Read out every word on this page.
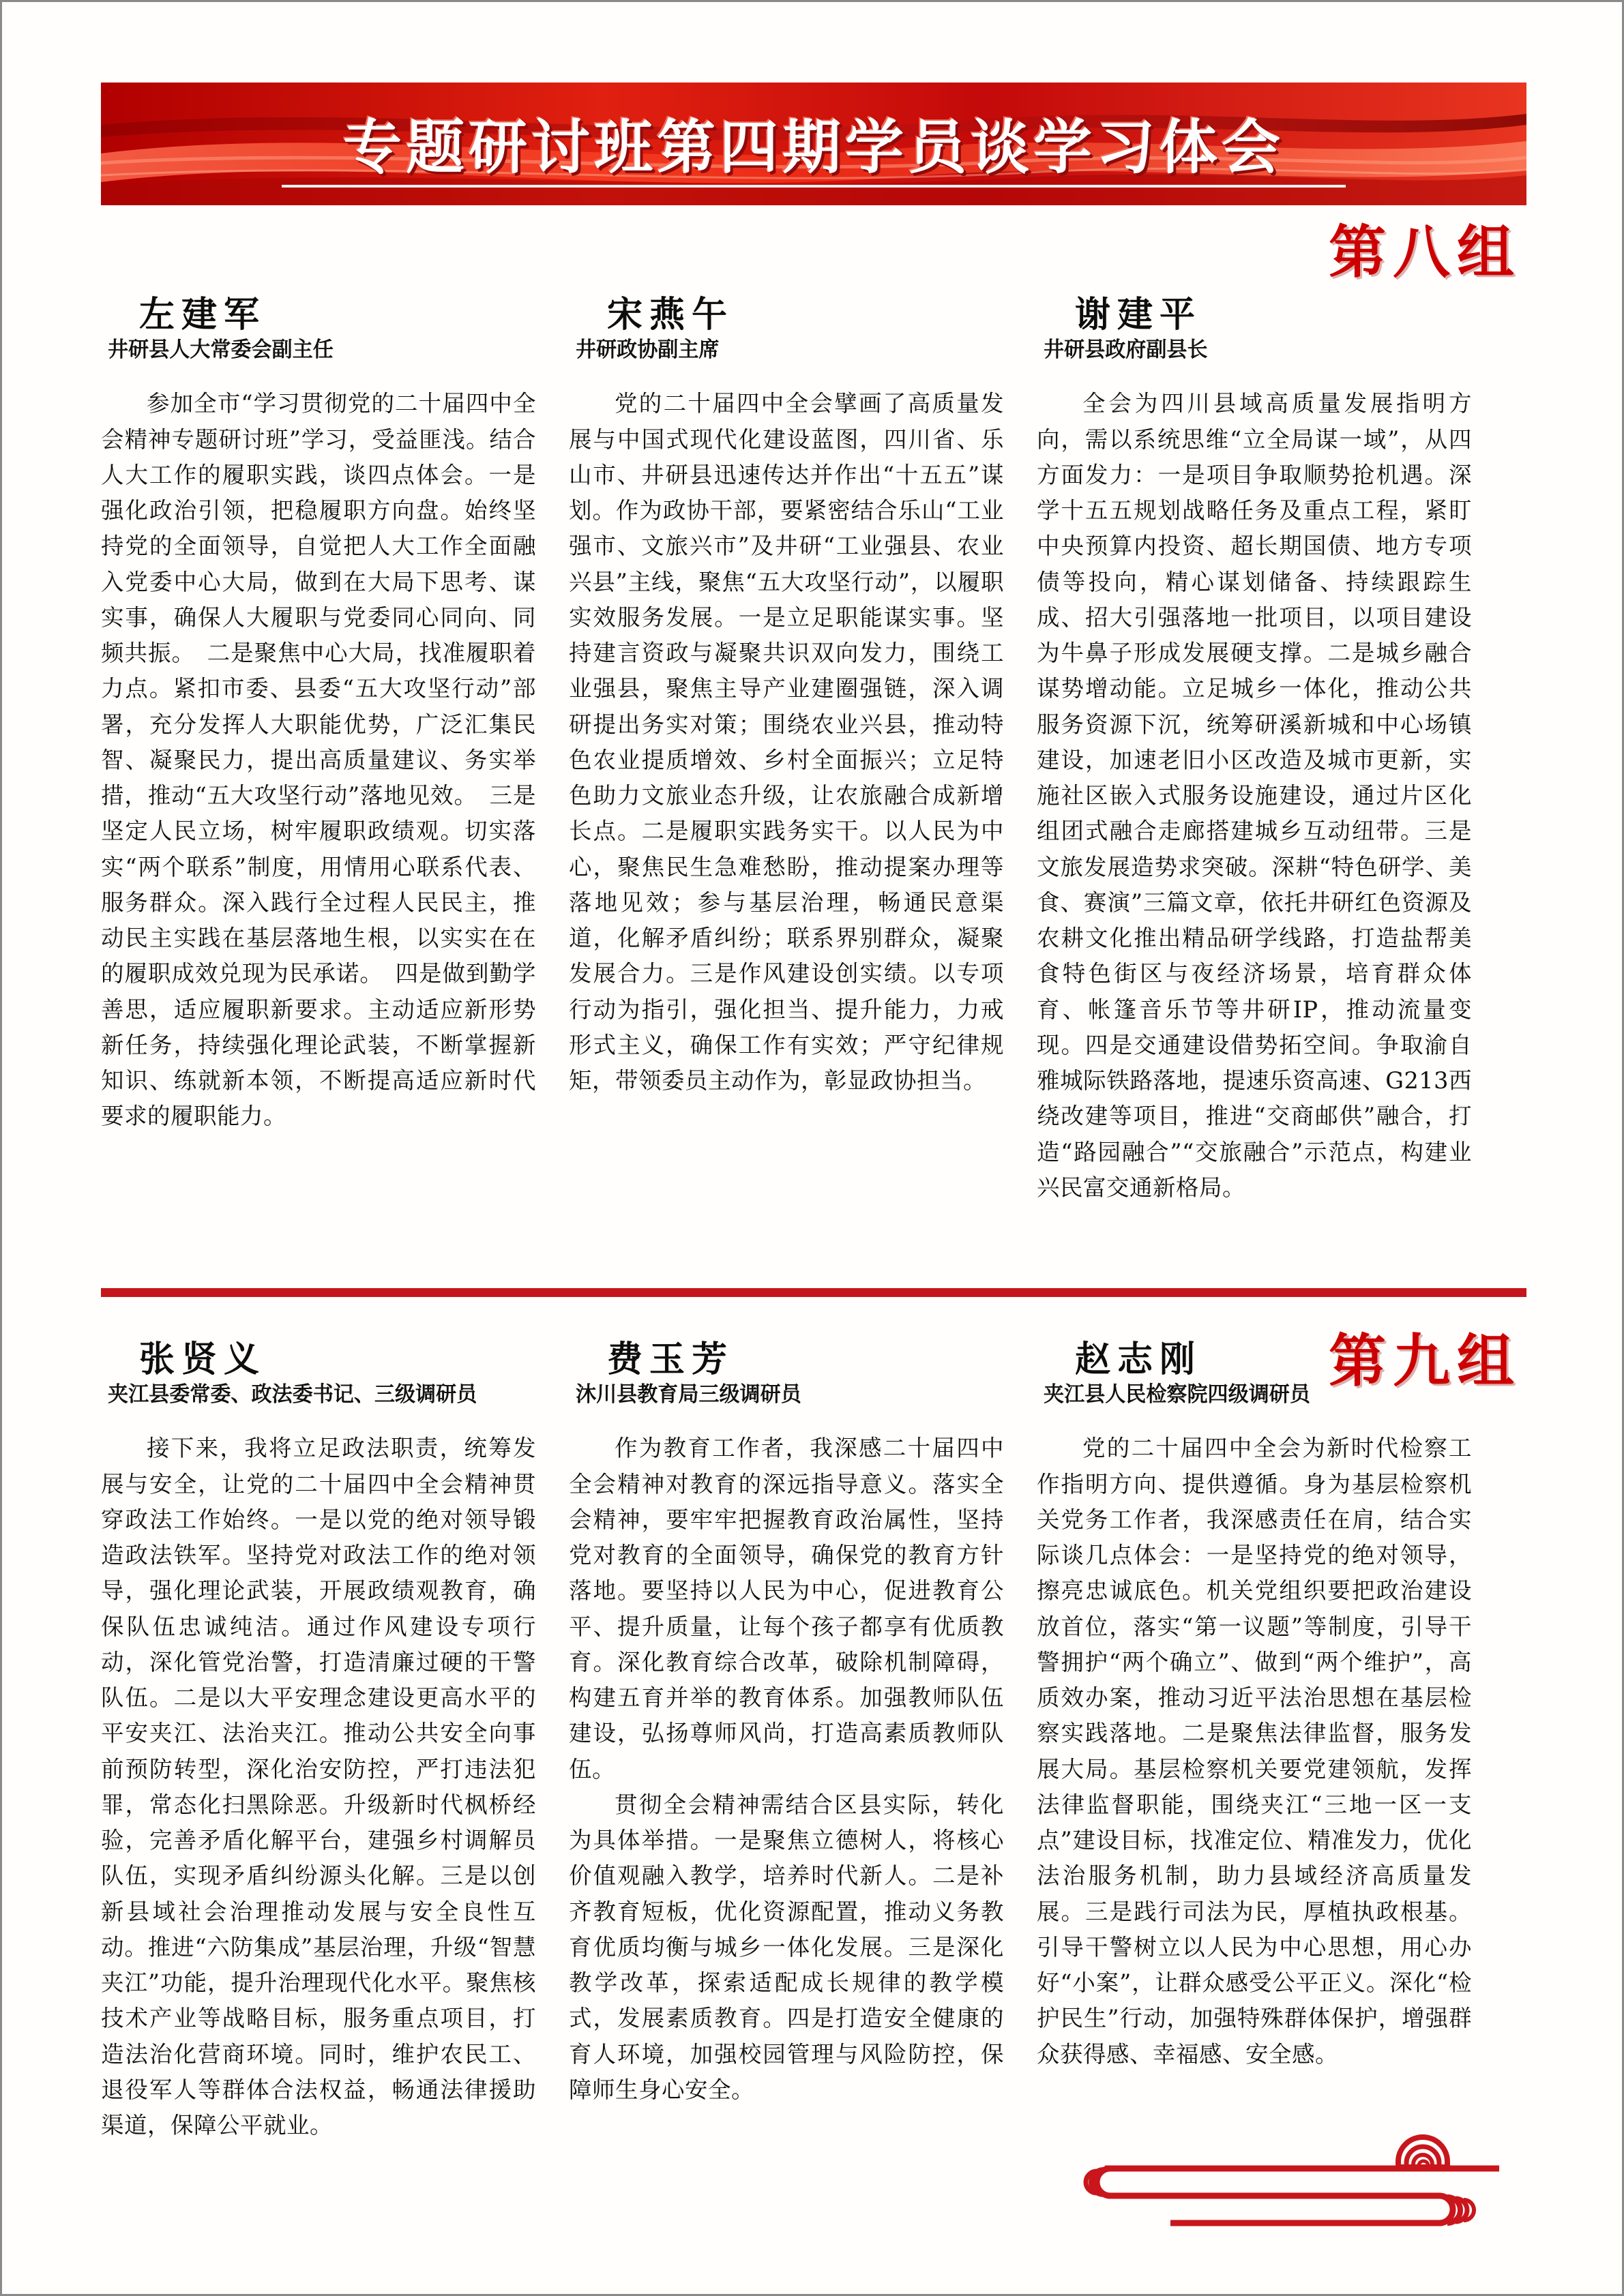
专题研讨班第四期学员谈学习体会
第八组
左建军
井研县人大常委会副主任
参加全市“学习贯彻党的二十届四中全会精神专题研讨班”学习，受益匪浅。结合人大工作的履职实践，谈四点体会。一是强化政治引领，把稳履职方向盘。始终坚持党的全面领导，自觉把人大工作全面融入党委中心大局，做到在大局下思考、谋实事，确保人大履职与党委同心同向、同频共振。　二是聚焦中心大局，找准履职着力点。紧扣市委、县委“五大攻坚行动”部署，充分发挥人大职能优势，广泛汇集民智、凝聚民力，提出高质量建议、务实举措，推动“五大攻坚行动”落地见效。　三是坚定人民立场，树牢履职政绩观。切实落实“两个联系”制度，用情用心联系代表、服务群众。深入践行全过程人民民主，推动民主实践在基层落地生根，以实实在在的履职成效兑现为民承诺。　四是做到勤学善思，适应履职新要求。主动适应新形势新任务，持续强化理论武装，不断掌握新知识、练就新本领，不断提高适应新时代要求的履职能力。
宋燕午
井研政协副主席
党的二十届四中全会擘画了高质量发展与中国式现代化建设蓝图，四川省、乐山市、井研县迅速传达并作出“十五五”谋划。作为政协干部，要紧密结合乐山“工业强市、文旅兴市”及井研“工业强县、农业兴县”主线，聚焦“五大攻坚行动”，以履职实效服务发展。一是立足职能谋实事。坚持建言资政与凝聚共识双向发力，围绕工业强县，聚焦主导产业建圈强链，深入调研提出务实对策；围绕农业兴县，推动特色农业提质增效、乡村全面振兴；立足特色助力文旅业态升级，让农旅融合成新增长点。二是履职实践务实干。以人民为中心，聚焦民生急难愁盼，推动提案办理等落地见效；参与基层治理，畅通民意渠道，化解矛盾纠纷；联系界别群众，凝聚发展合力。三是作风建设创实绩。以专项行动为指引，强化担当、提升能力，力戒形式主义，确保工作有实效；严守纪律规矩，带领委员主动作为，彰显政协担当。
谢建平
井研县政府副县长
全会为四川县域高质量发展指明方向，需以系统思维“立全局谋一域”，从四方面发力：一是项目争取顺势抢机遇。深学十五五规划战略任务及重点工程，紧盯中央预算内投资、超长期国债、地方专项债等投向，精心谋划储备、持续跟踪生成、招大引强落地一批项目，以项目建设为牛鼻子形成发展硬支撑。二是城乡融合谋势增动能。立足城乡一体化，推动公共服务资源下沉，统筹研溪新城和中心场镇建设，加速老旧小区改造及城市更新，实施社区嵌入式服务设施建设，通过片区化组团式融合走廊搭建城乡互动纽带。三是文旅发展造势求突破。深耕“特色研学、美食、赛演”三篇文章，依托井研红色资源及农耕文化推出精品研学线路，打造盐帮美食特色街区与夜经济场景，培育群众体育、帐篷音乐节等井研IP，推动流量变现。四是交通建设借势拓空间。争取渝自雅城际铁路落地，提速乐资高速、G213西绕改建等项目，推进“交商邮供”融合，打造“路园融合”“交旅融合”示范点，构建业兴民富交通新格局。
第九组
张贤义
夹江县委常委、政法委书记、三级调研员
接下来，我将立足政法职责，统筹发展与安全，让党的二十届四中全会精神贯穿政法工作始终。一是以党的绝对领导锻造政法铁军。坚持党对政法工作的绝对领导，强化理论武装，开展政绩观教育，确保队伍忠诚纯洁。通过作风建设专项行动，深化管党治警，打造清廉过硬的干警队伍。二是以大平安理念建设更高水平的平安夹江、法治夹江。推动公共安全向事前预防转型，深化治安防控，严打违法犯罪，常态化扫黑除恶。升级新时代枫桥经验，完善矛盾化解平台，建强乡村调解员队伍，实现矛盾纠纷源头化解。三是以创新县域社会治理推动发展与安全良性互动。推进“六防集成”基层治理，升级“智慧夹江”功能，提升治理现代化水平。聚焦核技术产业等战略目标，服务重点项目，打造法治化营商环境。同时，维护农民工、退役军人等群体合法权益，畅通法律援助渠道，保障公平就业。
费玉芳
沐川县教育局三级调研员
作为教育工作者，我深感二十届四中全会精神对教育的深远指导意义。落实全会精神，要牢牢把握教育政治属性，坚持党对教育的全面领导，确保党的教育方针落地。要坚持以人民为中心，促进教育公平、提升质量，让每个孩子都享有优质教育。深化教育综合改革，破除机制障碍，构建五育并举的教育体系。加强教师队伍建设，弘扬尊师风尚，打造高素质教师队伍。
贯彻全会精神需结合区县实际，转化为具体举措。一是聚焦立德树人，将核心价值观融入教学，培养时代新人。二是补齐教育短板，优化资源配置，推动义务教育优质均衡与城乡一体化发展。三是深化教学改革，探索适配成长规律的教学模式，发展素质教育。四是打造安全健康的育人环境，加强校园管理与风险防控，保障师生身心安全。
赵志刚
夹江县人民检察院四级调研员
党的二十届四中全会为新时代检察工作指明方向、提供遵循。身为基层检察机关党务工作者，我深感责任在肩，结合实际谈几点体会：一是坚持党的绝对领导，擦亮忠诚底色。机关党组织要把政治建设放首位，落实“第一议题”等制度，引导干警拥护“两个确立”、做到“两个维护”，高质效办案，推动习近平法治思想在基层检察实践落地。二是聚焦法律监督，服务发展大局。基层检察机关要党建领航，发挥法律监督职能，围绕夹江“三地一区一支点”建设目标，找准定位、精准发力，优化法治服务机制，助力县域经济高质量发展。三是践行司法为民，厚植执政根基。引导干警树立以人民为中心思想，用心办好“小案”，让群众感受公平正义。深化“检护民生”行动，加强特殊群体保护，增强群众获得感、幸福感、安全感。
